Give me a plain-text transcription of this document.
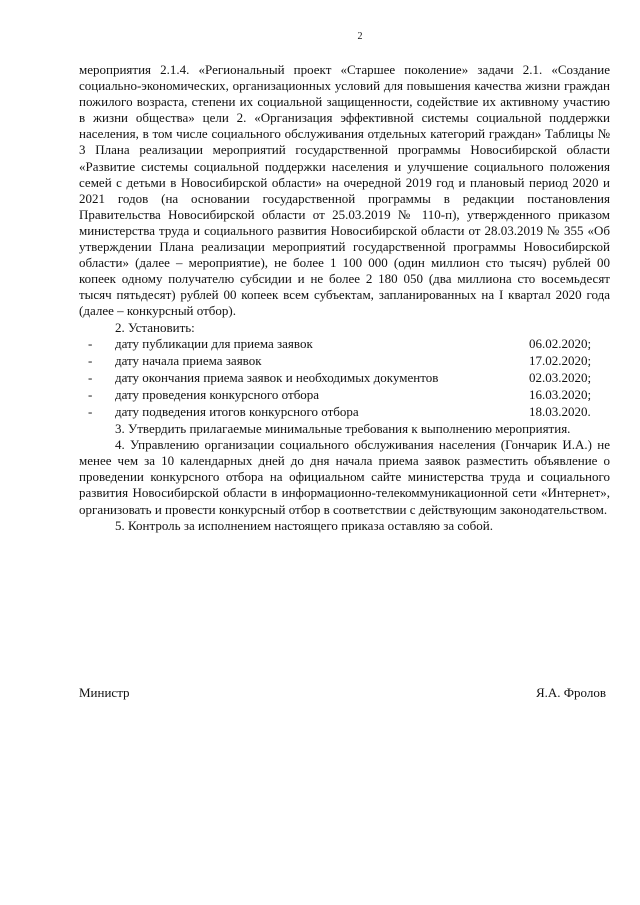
2

мероприятия 2.1.4. «Региональный проект «Старшее поколение» задачи 2.1. «Создание социально-экономических, организационных условий для повышения качества жизни граждан пожилого возраста, степени их социальной защищенности, содействие их активному участию в жизни общества» цели 2. «Организация эффективной системы социальной поддержки населения, в том числе социального обслуживания отдельных категорий граждан» Таблицы № 3 Плана реализации мероприятий государственной программы Новосибирской области «Развитие системы социальной поддержки населения и улучшение социального положения семей с детьми в Новосибирской области» на очередной 2019 год и плановый период 2020 и 2021 годов (на основании государственной программы в редакции постановления Правительства Новосибирской области от 25.03.2019 № 110-п), утвержденного приказом министерства труда и социального развития Новосибирской области от 28.03.2019 № 355 «Об утверждении Плана реализации мероприятий государственной программы Новосибирской области» (далее – мероприятие), не более 1 100 000 (один миллион сто тысяч) рублей 00 копеек одному получателю субсидии и не более 2 180 050 (два миллиона сто восемьдесят тысяч пятьдесят) рублей 00 копеек всем субъектам, запланированных на I квартал 2020 года (далее – конкурсный отбор).

2. Установить:

- дату публикации для приема заявок	06.02.2020;
- дату начала приема заявок	17.02.2020;
- дату окончания приема заявок и необходимых документов	02.03.2020;
- дату проведения конкурсного отбора	16.03.2020;
- дату подведения итогов конкурсного отбора	18.03.2020.

3. Утвердить прилагаемые минимальные требования к выполнению мероприятия.

4. Управлению организации социального обслуживания населения (Гончарик И.А.) не менее чем за 10 календарных дней до дня начала приема заявок разместить объявление о проведении конкурсного отбора на официальном сайте министерства труда и социального развития Новосибирской области в информационно-телекоммуникационной сети «Интернет», организовать и провести конкурсный отбор в соответствии с действующим законодательством.

5. Контроль за исполнением настоящего приказа оставляю за собой.

Министр	Я.А. Фролов
